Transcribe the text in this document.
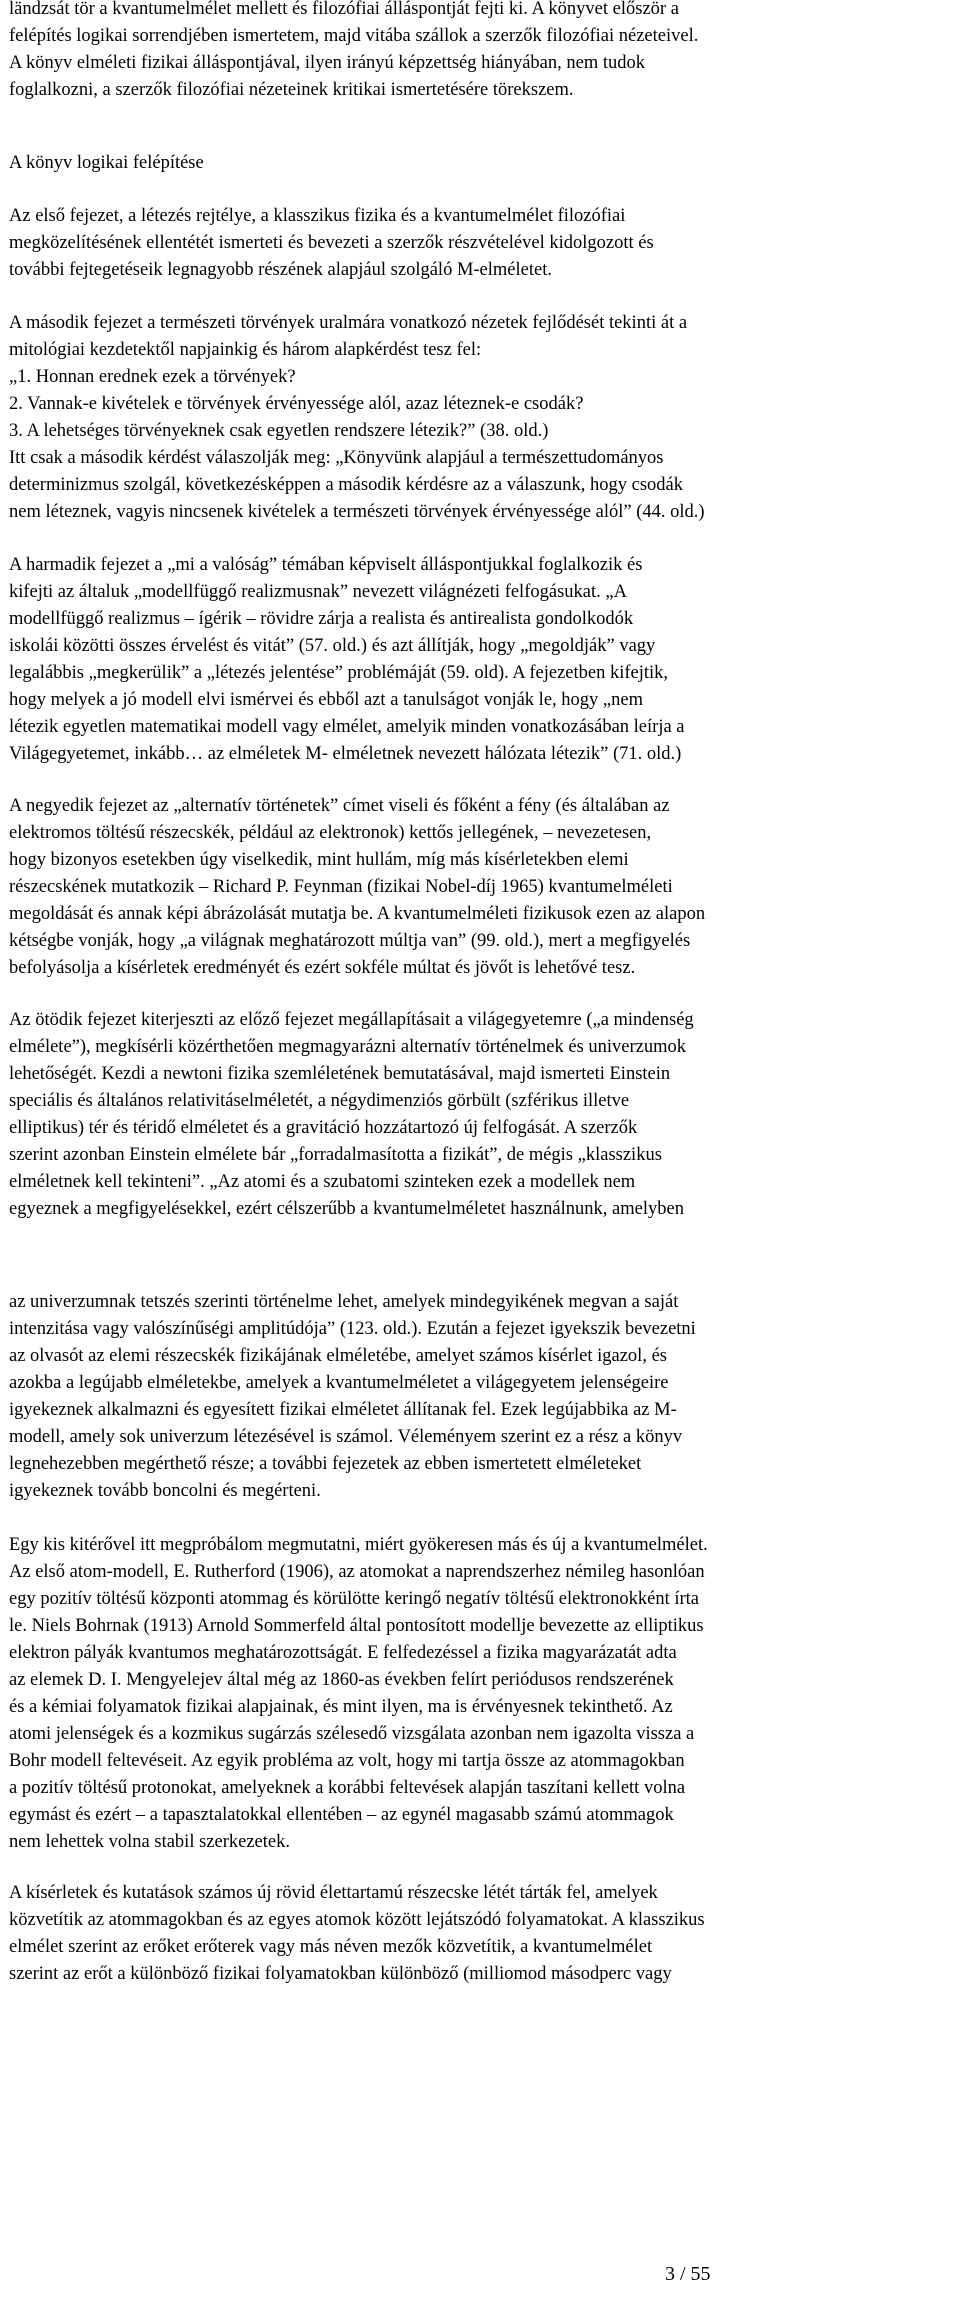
ländzsát tör a kvantumelmélet mellett és filozófiai álláspontját fejti ki. A könyvet először a
felépítés logikai sorrendjében ismertetem, majd vitába szállok a szerzők filozófiai nézeteivel.
A könyv elméleti fizikai álláspontjával, ilyen irányú képzettség hiányában, nem tudok
foglalkozni, a szerzők filozófiai nézeteinek kritikai ismertetésére törekszem.
A könyv logikai felépítése
Az első fejezet, a létezés rejtélye, a klasszikus fizika és a kvantumelmélet filozófiai
megközelítésének ellentétét ismerteti és bevezeti a szerzők részvételével kidolgozott és
további fejtegetéseik legnagyobb részének alapjául szolgáló M-elméletet.
A második fejezet a természeti törvények uralmára vonatkozó nézetek fejlődését tekinti át a
mitológiai kezdetektől napjainkig és három alapkérdést tesz fel:
„1. Honnan erednek ezek a törvények?
2. Vannak-e kivételek e törvények érvényessége alól, azaz léteznek-e csodák?
3. A lehetséges törvényeknek csak egyetlen rendszere létezik?” (38. old.)
Itt csak a második kérdést válaszolják meg: „Könyvünk alapjául a természettudományos
determinizmus szolgál, következésképpen a második kérdésre az a válaszunk, hogy csodák
nem léteznek, vagyis nincsenek kivételek a természeti törvények érvényessége alól” (44. old.)
A harmadik fejezet a „mi a valóság” témában képviselt álláspontjukkal foglalkozik és
kifejti az általuk „modellfüggő realizmusnak” nevezett világnézeti felfogásukat. „A
modellfüggő realizmus – ígérik – rövidre zárja a realista és antirealista gondolkodók
iskolái közötti összes érvelést és vitát” (57. old.) és azt állítják, hogy „megoldják” vagy
legalábbis „megkerülik” a „létezés jelentése” problémáját (59. old). A fejezetben kifejtik,
hogy melyek a jó modell elvi ismérvei és ebből azt a tanulságot vonják le, hogy „nem
létezik egyetlen matematikai modell vagy elmélet, amelyik minden vonatkozásában leírja a
Világegyetemet, inkább… az elméletek M- elméletnek nevezett hálózata létezik” (71. old.)
A negyedik fejezet az „alternatív történetek” címet viseli és főként a fény (és általában az
elektromos töltésű részecskék, például az elektronok) kettős jellegének, – nevezetesen,
hogy bizonyos esetekben úgy viselkedik, mint hullám, míg más kísérletekben elemi
részecskének mutatkozik – Richard P. Feynman (fizikai Nobel-díj 1965) kvantumelméleti
megoldását és annak képi ábrázolását mutatja be. A kvantumelméleti fizikusok ezen az alapon
kétségbe vonják, hogy „a világnak meghatározott múltja van” (99. old.), mert a megfigyelés
befolyásolja a kísérletek eredményét és ezért sokféle múltat és jövőt is lehetővé tesz.
Az ötödik fejezet kiterjeszti az előző fejezet megállapításait a világegyetemre („a mindenség
elmélete”), megkísérli közérthetően megmagyarázni alternatív történelmek és univerzumok
lehetőségét. Kezdi a newtoni fizika szemléletének bemutatásával, majd ismerteti Einstein
speciális és általános relativitáselméletét, a négydimenziós görbült (szférikus illetve
elliptikus) tér és téridő elméletet és a gravitáció hozzátartozó új felfogását. A szerzők
szerint azonban Einstein elmélete bár „forradalmasította a fizikát”, de mégis „klasszikus
elméletnek kell tekinteni”. „Az atomi és a szubatomi szinteken ezek a modellek nem
egyeznek a megfigyelésekkel, ezért célszerűbb a kvantumelméletet használnunk, amelyben
az univerzumnak tetszés szerinti történelme lehet, amelyek mindegyikének megvan a saját
intenzitása vagy valószínűségi amplitúdója” (123. old.). Ezután a fejezet igyekszik bevezetni
az olvasót az elemi részecskék fizikájának elméletébe, amelyet számos kísérlet igazol, és
azokba a legújabb elméletekbe, amelyek a kvantumelméletet a világegyetem jelenségeire
igyekeznek alkalmazni és egyesített fizikai elméletet állítanak fel. Ezek legújabbika az M-
modell, amely sok univerzum létezésével is számol. Véleményem szerint ez a rész a könyv
legnehezebben megérthető része; a további fejezetek az ebben ismertetett elméleteket
igyekeznek tovább boncolni és megérteni.
Egy kis kitérővel itt megpróbálom megmutatni, miért gyökeresen más és új a kvantumelmélet.
Az első atom-modell, E. Rutherford (1906), az atomokat a naprendszerhez némileg hasonlóan
egy pozitív töltésű központi atommag és körülötte keringő negatív töltésű elektronokként írta
le. Niels Bohrnak (1913) Arnold Sommerfeld által pontosított modellje bevezette az elliptikus
elektron pályák kvantumos meghatározottságát. E felfedezéssel a fizika magyarázatát adta
az elemek D. I. Mengyelejev által még az 1860-as években felírt periódusos rendszerének
és a kémiai folyamatok fizikai alapjainak, és mint ilyen, ma is érvényesnek tekinthető. Az
atomi jelenségek és a kozmikus sugárzás szélesedő vizsgálata azonban nem igazolta vissza a
Bohr modell feltevéseit. Az egyik probléma az volt, hogy mi tartja össze az atommagokban
a pozitív töltésű protonokat, amelyeknek a korábbi feltevések alapján taszítani kellett volna
egymást és ezért – a tapasztalatokkal ellentében – az egynél magasabb számú atommagok
nem lehettek volna stabil szerkezetek.
A kísérletek és kutatások számos új rövid élettartamú részecske létét tárták fel, amelyek
közvetítik az atommagokban és az egyes atomok között lejátszódó folyamatokat. A klasszikus
elmélet szerint az erőket erőterek vagy más néven mezők közvetítik, a kvantumelmélet
szerint az erőt a különböző fizikai folyamatokban különböző (milliomod másodperc vagy
3 / 55
